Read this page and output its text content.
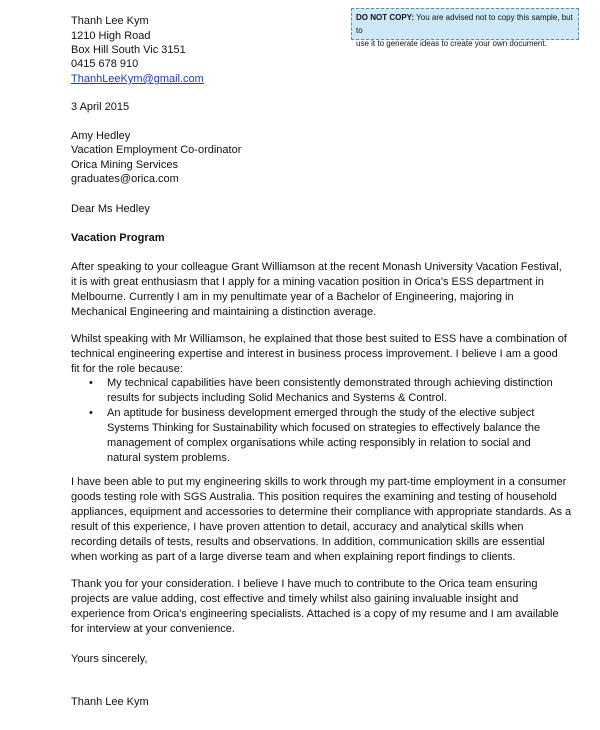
DO NOT COPY: You are advised not to copy this sample, but to
use it to generate ideas to create your own document.
Thanh Lee Kym
1210 High Road
Box Hill South Vic 3151
0415 678 910
ThanhLeeKym@gmail.com
3 April 2015
Amy Hedley
Vacation Employment Co-ordinator
Orica Mining Services
graduates@orica.com
Dear Ms Hedley
Vacation Program
After speaking to your colleague Grant Williamson at the recent Monash University Vacation Festival,
it is with great enthusiasm that I apply for a mining vacation position in Orica's ESS department in
Melbourne. Currently I am in my penultimate year of a Bachelor of Engineering, majoring in
Mechanical Engineering and maintaining a distinction average.
Whilst speaking with Mr Williamson, he explained that those best suited to ESS have a combination of
technical engineering expertise and interest in business process improvement. I believe I am a good
fit for the role because:
• My technical capabilities have been consistently demonstrated through achieving distinction
results for subjects including Solid Mechanics and Systems & Control.
• An aptitude for business development emerged through the study of the elective subject
Systems Thinking for Sustainability which focused on strategies to effectively balance the
management of complex organisations while acting responsibly in relation to social and
natural system problems.
I have been able to put my engineering skills to work through my part-time employment in a consumer
goods testing role with SGS Australia. This position requires the examining and testing of household
appliances, equipment and accessories to determine their compliance with appropriate standards. As a
result of this experience, I have proven attention to detail, accuracy and analytical skills when
recording details of tests, results and observations. In addition, communication skills are essential
when working as part of a large diverse team and when explaining report findings to clients.
Thank you for your consideration. I believe I have much to contribute to the Orica team ensuring
projects are value adding, cost effective and timely whilst also gaining invaluable insight and
experience from Orica's engineering specialists. Attached is a copy of my resume and I am available
for interview at your convenience.
Yours sincerely,
Thanh Lee Kym
